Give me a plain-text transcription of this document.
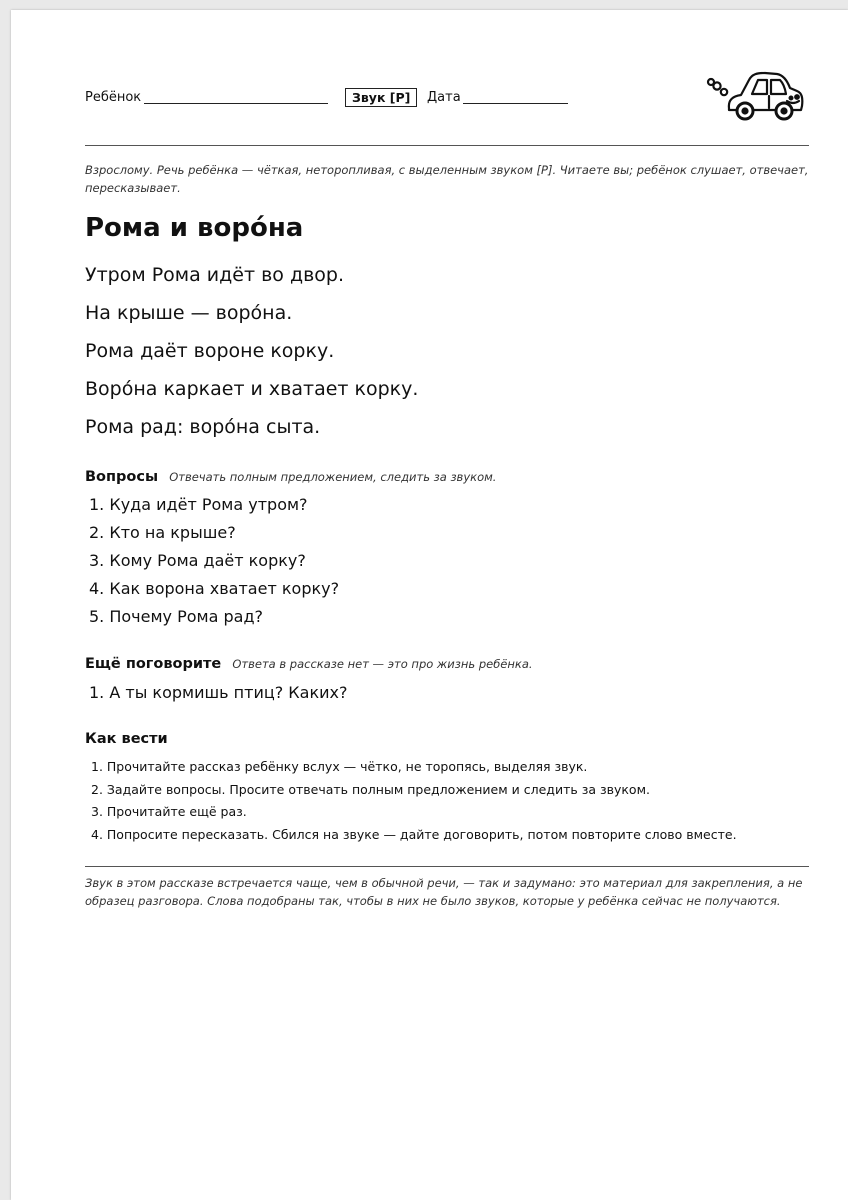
Ребёнок	Звук [Р]	Дата
Взрослому. Речь ребёнка — чёткая, неторопливая, с выделенным звуком [Р]. Читаете вы; ребёнок слушает, отвечает, пересказывает.
Рома и воро́на
Утром Рома идёт во двор.
На крыше — воро́на.
Рома даёт вороне корку.
Воро́на каркает и хватает корку.
Рома рад: воро́на сыта.
Вопросы Отвечать полным предложением, следить за звуком.
1. Куда идёт Рома утром?
2. Кто на крыше?
3. Кому Рома даёт корку?
4. Как ворона хватает корку?
5. Почему Рома рад?
Ещё поговорите Ответа в рассказе нет — это про жизнь ребёнка.
1. А ты кормишь птиц? Каких?
Как вести
1. Прочитайте рассказ ребёнку вслух — чётко, не торопясь, выделяя звук.
2. Задайте вопросы. Просите отвечать полным предложением и следить за звуком.
3. Прочитайте ещё раз.
4. Попросите пересказать. Сбился на звуке — дайте договорить, потом повторите слово вместе.
Звук в этом рассказе встречается чаще, чем в обычной речи, — так и задумано: это материал для закрепления, а не образец разговора. Слова подобраны так, чтобы в них не было звуков, которые у ребёнка сейчас не получаются.
